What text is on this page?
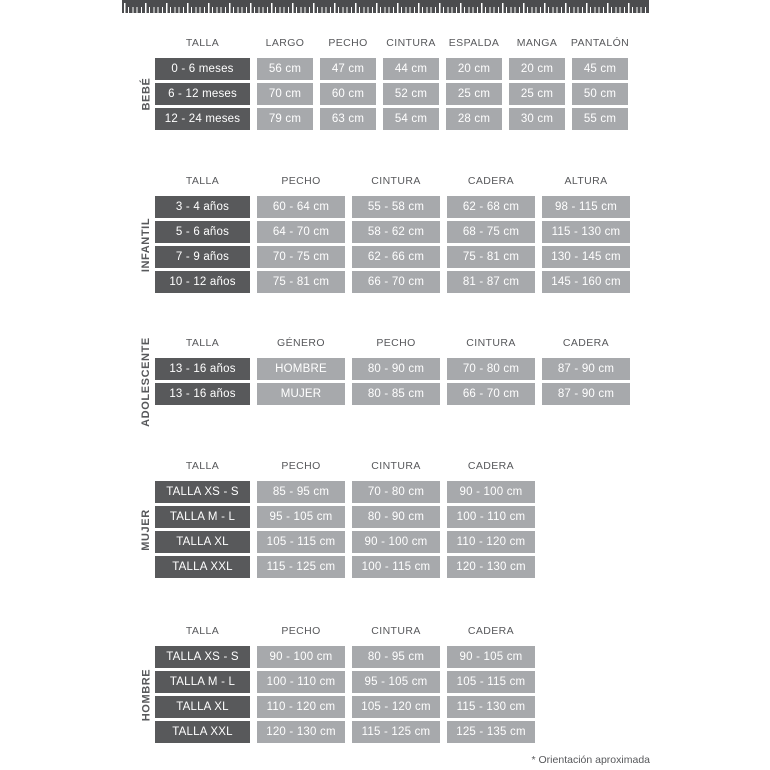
BEBÉ
INFANTIL
ADOLESCENTE
MUJER
HOMBRE
TALLA	LARGO	PECHO	CINTURA	ESPALDA	MANGA	PANTALÓN
0 - 6 meses	56 cm	47 cm	44 cm	20 cm	20 cm	45 cm
6 - 12 meses	70 cm	60 cm	52 cm	25 cm	25 cm	50 cm
12 - 24 meses	79 cm	63 cm	54 cm	28 cm	30 cm	55 cm
TALLA	PECHO	CINTURA	CADERA	ALTURA
3 - 4 años	60 - 64 cm	55 - 58 cm	62 - 68 cm	98 - 115 cm
5 - 6 años	64 - 70 cm	58 - 62 cm	68 - 75 cm	115 - 130 cm
7 - 9 años	70 - 75 cm	62 - 66 cm	75 - 81 cm	130 - 145 cm
10 - 12 años	75 - 81 cm	66 - 70 cm	81 - 87 cm	145 - 160 cm
TALLA	GÉNERO	PECHO	CINTURA	CADERA
13 - 16 años	HOMBRE	80 - 90 cm	70 - 80 cm	87 - 90 cm
13 - 16 años	MUJER	80 - 85 cm	66 - 70 cm	87 - 90 cm
TALLA	PECHO	CINTURA	CADERA
TALLA XS - S	85 - 95 cm	70 - 80 cm	90 - 100 cm
TALLA M - L	95 - 105 cm	80 - 90 cm	100 - 110 cm
TALLA XL	105 - 115 cm	90 - 100 cm	110 - 120 cm
TALLA XXL	115 - 125 cm	100 - 115 cm	120 - 130 cm
TALLA	PECHO	CINTURA	CADERA
TALLA XS - S	90 - 100 cm	80 - 95 cm	90 - 105 cm
TALLA M - L	100 - 110 cm	95 - 105 cm	105 - 115 cm
TALLA XL	110 - 120 cm	105 - 120 cm	115 - 130 cm
TALLA XXL	120 - 130 cm	115 - 125 cm	125 - 135 cm
* Orientación aproximada
